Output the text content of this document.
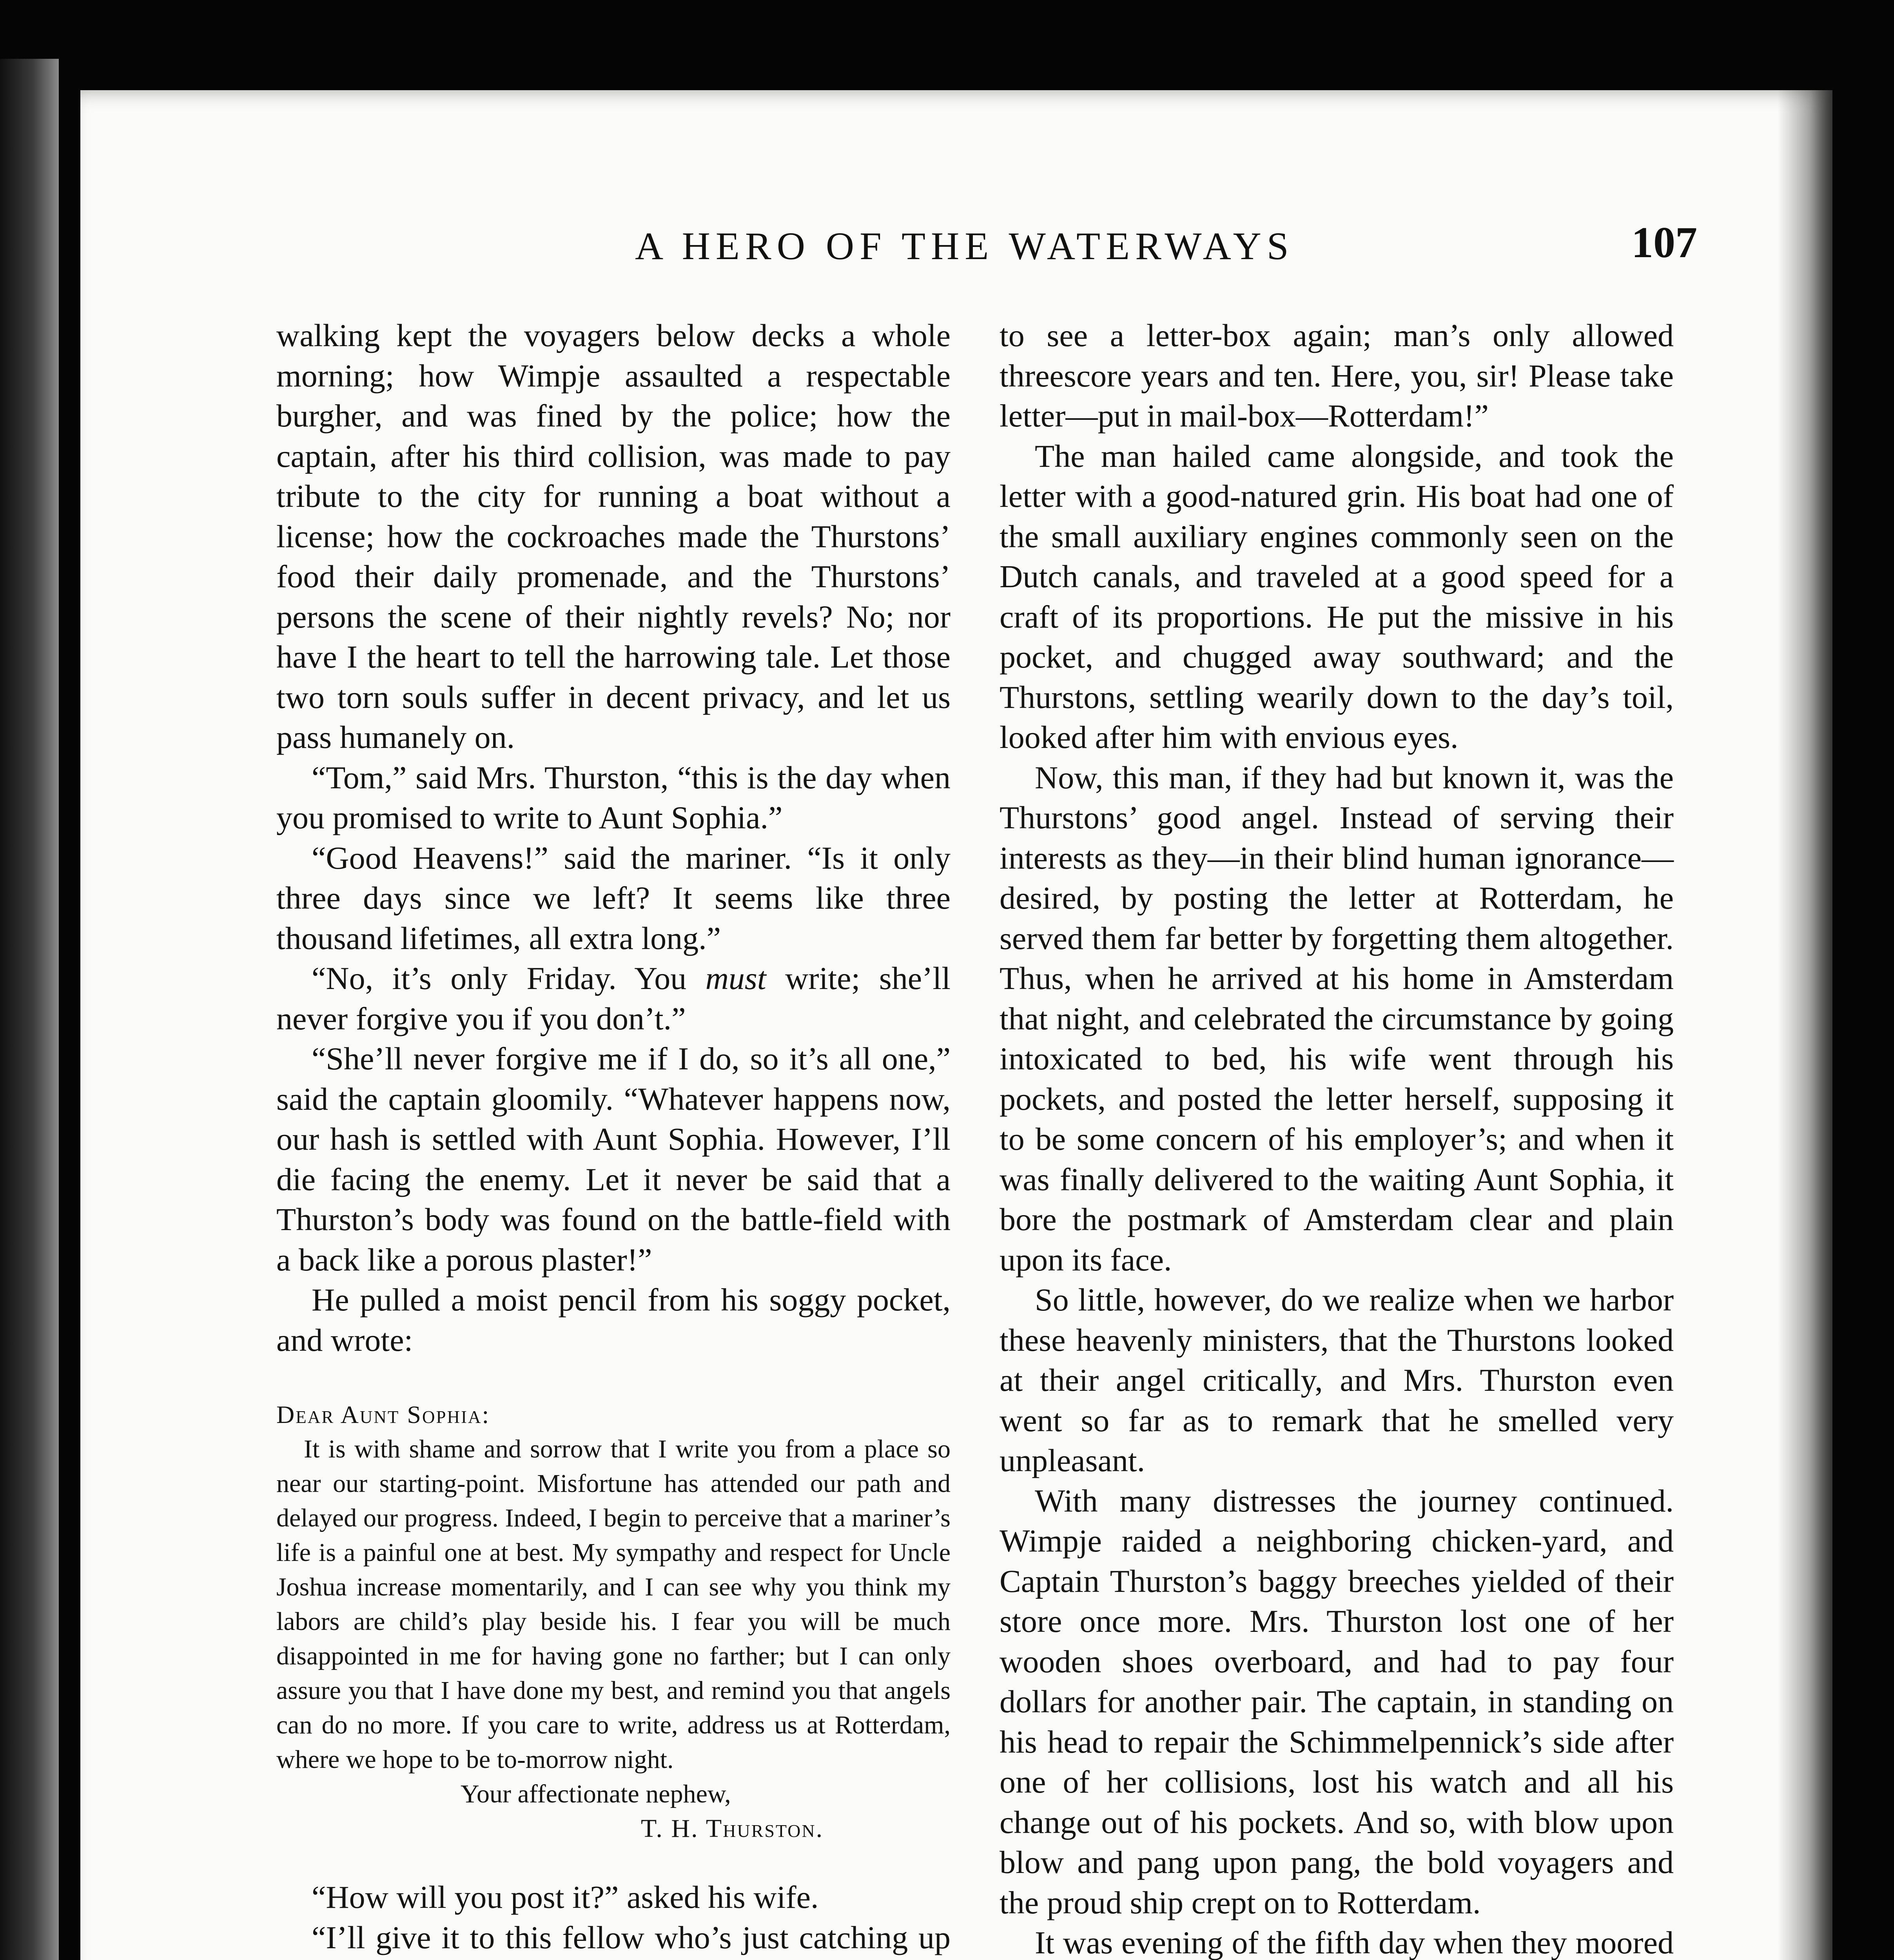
A HERO OF THE WATERWAYS	107

walking kept the voyagers below decks a whole morning; how Wimpje assaulted a respectable burgher, and was fined by the police; how the captain, after his third collision, was made to pay tribute to the city for running a boat without a license; how the cockroaches made the Thurstons’ food their daily promenade, and the Thurstons’ persons the scene of their nightly revels? No; nor have I the heart to tell the harrowing tale. Let those two torn souls suffer in decent privacy, and let us pass humanely on.

“Tom,” said Mrs. Thurston, “this is the day when you promised to write to Aunt Sophia.”

“Good Heavens!” said the mariner. “Is it only three days since we left? It seems like three thousand lifetimes, all extra long.”

“No, it’s only Friday. You must write; she’ll never forgive you if you don’t.”

“She’ll never forgive me if I do, so it’s all one,” said the captain gloomily. “Whatever happens now, our hash is settled with Aunt Sophia. However, I’ll die facing the enemy. Let it never be said that a Thurston’s body was found on the battle-field with a back like a porous plaster!”

He pulled a moist pencil from his soggy pocket, and wrote:

Dear Aunt Sophia:
It is with shame and sorrow that I write you from a place so near our starting-point. Misfortune has attended our path and delayed our progress. Indeed, I begin to perceive that a mariner’s life is a painful one at best. My sympathy and respect for Uncle Joshua increase momentarily, and I can see why you think my labors are child’s play beside his. I fear you will be much disappointed in me for having gone no farther; but I can only assure you that I have done my best, and remind you that angels can do no more. If you care to write, address us at Rotterdam, where we hope to be to-morrow night.
Your affectionate nephew,
T. H. Thurston.

“How will you post it?” asked his wife.

“I’ll give it to this fellow who’s just catching up

to see a letter-box again; man’s only allowed threescore years and ten. Here, you, sir! Please take letter—put in mail-box—Rotterdam!”

The man hailed came alongside, and took the letter with a good-natured grin. His boat had one of the small auxiliary engines commonly seen on the Dutch canals, and traveled at a good speed for a craft of its proportions. He put the missive in his pocket, and chugged away southward; and the Thurstons, settling wearily down to the day’s toil, looked after him with envious eyes.

Now, this man, if they had but known it, was the Thurstons’ good angel. Instead of serving their interests as they—in their blind human ignorance—desired, by posting the letter at Rotterdam, he served them far better by forgetting them altogether. Thus, when he arrived at his home in Amsterdam that night, and celebrated the circumstance by going intoxicated to bed, his wife went through his pockets, and posted the letter herself, supposing it to be some concern of his employer’s; and when it was finally delivered to the waiting Aunt Sophia, it bore the postmark of Amsterdam clear and plain upon its face.

So little, however, do we realize when we harbor these heavenly ministers, that the Thurstons looked at their angel critically, and Mrs. Thurston even went so far as to remark that he smelled very unpleasant.

With many distresses the journey continued. Wimpje raided a neighboring chicken-yard, and Captain Thurston’s baggy breeches yielded of their store once more. Mrs. Thurston lost one of her wooden shoes overboard, and had to pay four dollars for another pair. The captain, in standing on his head to repair the Schimmelpennick’s side after one of her collisions, lost his watch and all his change out of his pockets. And so, with blow upon blow and pang upon pang, the bold voyagers and the proud ship crept on to Rotterdam.

It was evening of the fifth day when they moored
